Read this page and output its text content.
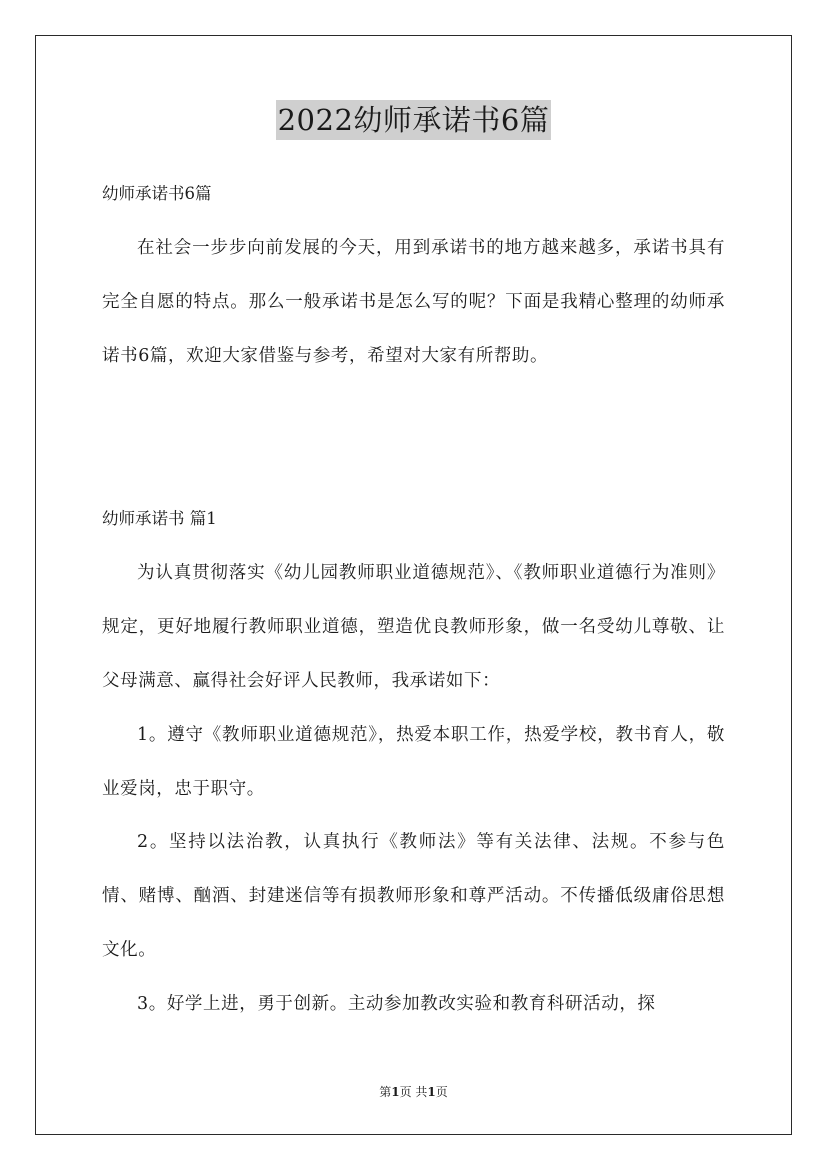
2022幼师承诺书6篇
幼师承诺书6篇
在社会一步步向前发展的今天，用到承诺书的地方越来越多，承诺书具有完全自愿的特点。那么一般承诺书是怎么写的呢？下面是我精心整理的幼师承诺书6篇，欢迎大家借鉴与参考，希望对大家有所帮助。
幼师承诺书 篇1
为认真贯彻落实《幼儿园教师职业道德规范》、《教师职业道德行为准则》规定，更好地履行教师职业道德，塑造优良教师形象，做一名受幼儿尊敬、让父母满意、赢得社会好评人民教师，我承诺如下：
1。遵守《教师职业道德规范》，热爱本职工作，热爱学校，教书育人，敬业爱岗，忠于职守。
2。坚持以法治教，认真执行《教师法》等有关法律、法规。不参与色情、赌博、酗酒、封建迷信等有损教师形象和尊严活动。不传播低级庸俗思想文化。
3。好学上进，勇于创新。主动参加教改实验和教育科研活动，探
第1页 共1页
